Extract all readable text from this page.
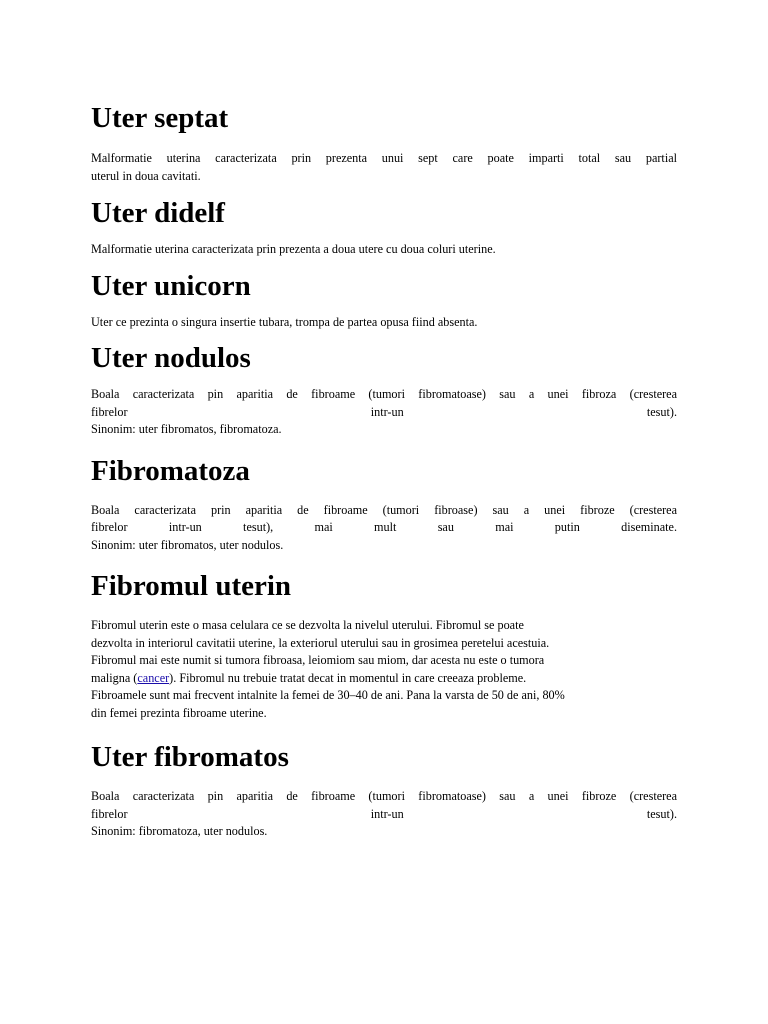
Uter septat
Malformatie uterina caracterizata prin prezenta unui sept care poate imparti total sau partial
uterul in doua cavitati.
Uter didelf
Malformatie uterina caracterizata prin prezenta a doua utere cu doua coluri uterine.
Uter unicorn
Uter ce prezinta o singura insertie tubara, trompa de partea opusa fiind absenta.
Uter nodulos
Boala caracterizata pin aparitia de fibroame (tumori fibromatoase) sau a unei fibroza (cresterea
fibrelor intr-un tesut).
Sinonim: uter fibromatos, fibromatoza.
Fibromatoza
Boala caracterizata prin aparitia de fibroame (tumori fibroase) sau a unei fibroze (cresterea
fibrelor intr-un tesut), mai mult sau mai putin diseminate.
Sinonim: uter fibromatos, uter nodulos.
Fibromul uterin
Fibromul uterin este o masa celulara ce se dezvolta la nivelul uterului. Fibromul se poate
dezvolta in interiorul cavitatii uterine, la exteriorul uterului sau in grosimea peretelui acestuia.
Fibromul mai este numit si tumora fibroasa, leiomiom sau miom, dar acesta nu este o tumora
maligna (cancer). Fibromul nu trebuie tratat decat in momentul in care creeaza probleme.
Fibroamele sunt mai frecvent intalnite la femei de 30–40 de ani. Pana la varsta de 50 de ani, 80%
din femei prezinta fibroame uterine.
Uter fibromatos
Boala caracterizata pin aparitia de fibroame (tumori fibromatoase) sau a unei fibroze (cresterea
fibrelor intr-un tesut).
Sinonim: fibromatoza, uter nodulos.
